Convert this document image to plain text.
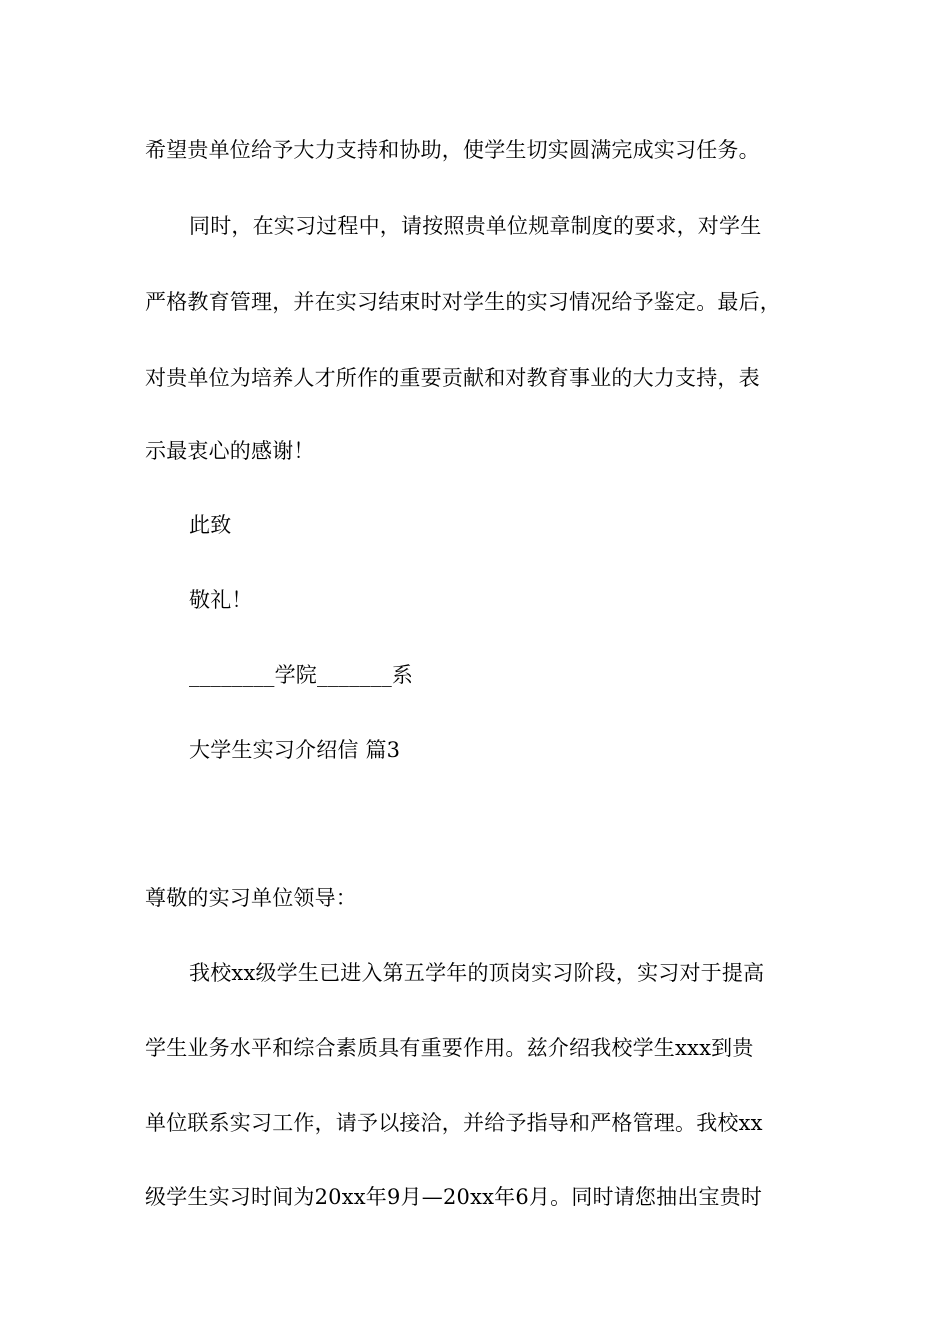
希望贵单位给予大力支持和协助，使学生切实圆满完成实习任务。
同时，在实习过程中，请按照贵单位规章制度的要求，对学生
严格教育管理，并在实习结束时对学生的实习情况给予鉴定。最后，
对贵单位为培养人才所作的重要贡献和对教育事业的大力支持，表
示最衷心的感谢！
此致
敬礼！
________学院_______系
大学生实习介绍信 篇3
尊敬的实习单位领导：
我校xx级学生已进入第五学年的顶岗实习阶段，实习对于提高
学生业务水平和综合素质具有重要作用。兹介绍我校学生xxx到贵
单位联系实习工作，请予以接洽，并给予指导和严格管理。我校xx
级学生实习时间为20xx年9月—20xx年6月。同时请您抽出宝贵时
